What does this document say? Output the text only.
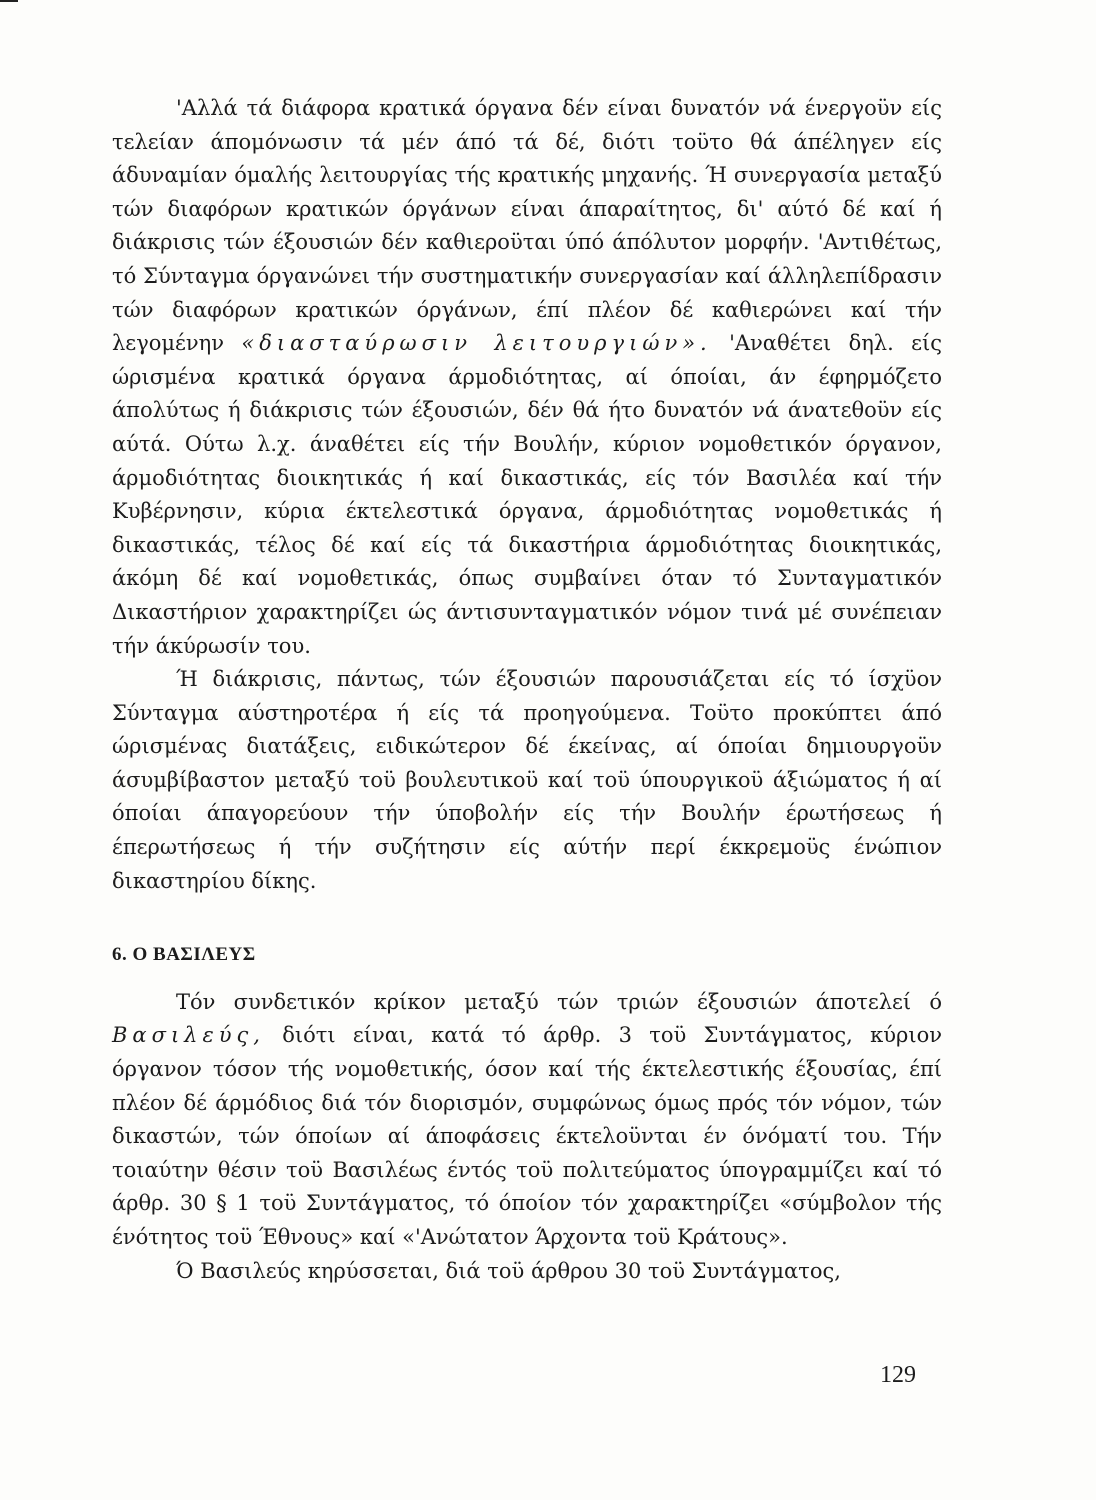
'Αλλά τά διάφορα κρατικά όργανα δέν είναι δυνατόν νά ένεργοϋν είς τελείαν άπομόνωσιν τά μέν άπό τά δέ, διότι τοϋτο θά άπέληγεν είς άδυναμίαν όμαλής λειτουργίας τής κρατικής μηχανής. Ή συνεργασία μεταξύ τών διαφόρων κρατικών όργάνων είναι άπαραίτητος, δι' αύτό δέ καί ή διάκρισις τών έξουσιών δέν καθιεροϋται ύπό άπόλυτον μορφήν. 'Αντιθέτως, τό Σύνταγμα όργανώνει τήν συστηματικήν συνεργασίαν καί άλληλεπίδρασιν τών διαφόρων κρατικών όργάνων, έπί πλέον δέ καθιερώνει καί τήν λεγομένην «διασταύρωσιν λειτουργιών». 'Αναθέτει δηλ. είς ώρισμένα κρατικά όργανα άρμοδιότητας, αί όποίαι, άν έφηρμόζετο άπολύτως ή διάκρισις τών έξουσιών, δέν θά ήτο δυνατόν νά άνατεθοϋν είς αύτά. Ούτω λ.χ. άναθέτει είς τήν Βουλήν, κύριον νομοθετικόν όργανον, άρμοδιότητας διοικητικάς ή καί δικαστικάς, είς τόν Βασιλέα καί τήν Κυβέρνησιν, κύρια έκτελεστικά όργανα, άρμοδιότητας νομοθετικάς ή δικαστικάς, τέλος δέ καί είς τά δικαστήρια άρμοδιότητας διοικητικάς, άκόμη δέ καί νομοθετικάς, όπως συμβαίνει όταν τό Συνταγματικόν Δικαστήριον χαρακτηρίζει ώς άντισυνταγματικόν νόμον τινά μέ συνέπειαν τήν άκύρωσίν του.

Ή διάκρισις, πάντως, τών έξουσιών παρουσιάζεται είς τό ίσχϋον Σύνταγμα αύστηροτέρα ή είς τά προηγούμενα. Τοϋτο προκύπτει άπό ώρισμένας διατάξεις, ειδικώτερον δέ έκείνας, αί όποίαι δημιουργοϋν άσυμβίβαστον μεταξύ τοϋ βουλευτικοϋ καί τοϋ ύπουργικοϋ άξιώματος ή αί όποίαι άπαγορεύουν τήν ύποβολήν είς τήν Βουλήν έρωτήσεως ή έπερωτήσεως ή τήν συζήτησιν είς αύτήν περί έκκρεμοϋς ένώπιον δικαστηρίου δίκης.

6. Ο ΒΑΣΙΛΕΥΣ

Τόν συνδετικόν κρίκον μεταξύ τών τριών έξουσιών άποτελεί ό Βασιλεύς, διότι είναι, κατά τό άρθρ. 3 τοϋ Συντάγματος, κύριον όργανον τόσον τής νομοθετικής, όσον καί τής έκτελεστικής έξουσίας, έπί πλέον δέ άρμόδιος διά τόν διορισμόν, συμφώνως όμως πρός τόν νόμον, τών δικαστών, τών όποίων αί άποφάσεις έκτελοϋνται έν όνόματί του. Τήν τοιαύτην θέσιν τοϋ Βασιλέως έντός τοϋ πολιτεύματος ύπογραμμίζει καί τό άρθρ. 30 § 1 τοϋ Συντάγματος, τό όποίον τόν χαρακτηρίζει «σύμβολον τής ένότητος τοϋ Έθνους» καί «'Ανώτατον Άρχοντα τοϋ Κράτους».

Ό Βασιλεύς κηρύσσεται, διά τοϋ άρθρου 30 τοϋ Συντάγματος,

129
